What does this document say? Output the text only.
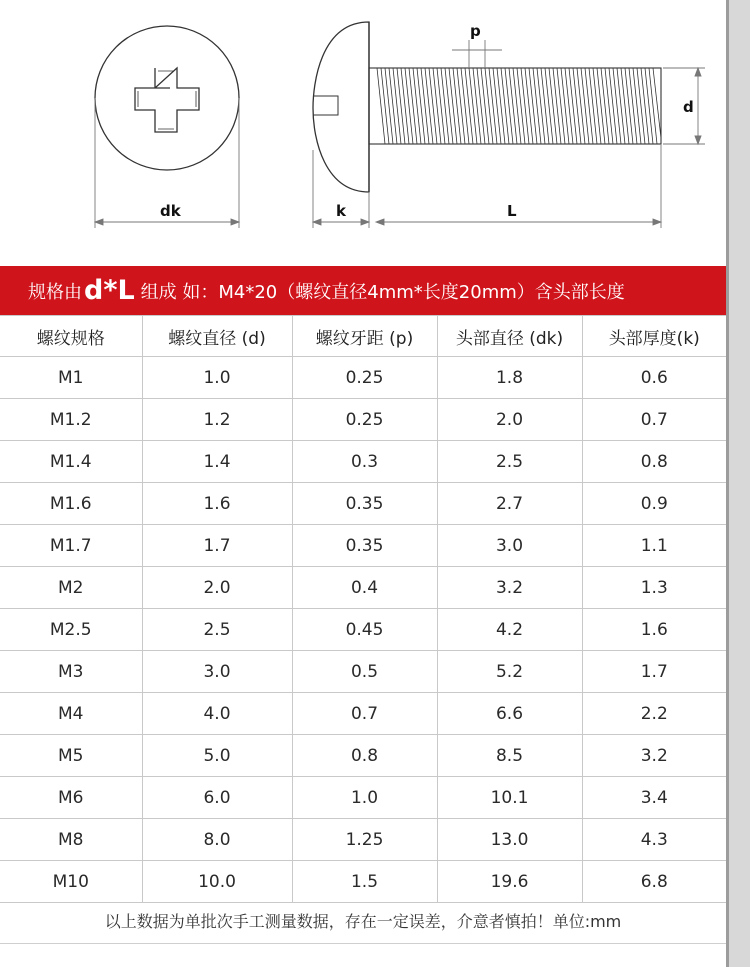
dk	k
p
d
L
规格由 d*L 组成 如：M4*20（螺纹直径4mm*长度20mm）含头部长度
螺纹规格	螺纹直径 (d)	螺纹牙距 (p)	头部直径 (dk)	头部厚度(k)
M1	1.0	0.25	1.8	0.6
M1.2	1.2	0.25	2.0	0.7
M1.4	1.4	0.3	2.5	0.8
M1.6	1.6	0.35	2.7	0.9
M1.7	1.7	0.35	3.0	1.1
M2	2.0	0.4	3.2	1.3
M2.5	2.5	0.45	4.2	1.6
M3	3.0	0.5	5.2	1.7
M4	4.0	0.7	6.6	2.2
M5	5.0	0.8	8.5	3.2
M6	6.0	1.0	10.1	3.4
M8	8.0	1.25	13.0	4.3
M10	10.0	1.5	19.6	6.8
以上数据为单批次手工测量数据，存在一定误差，介意者慎拍！单位:mm
